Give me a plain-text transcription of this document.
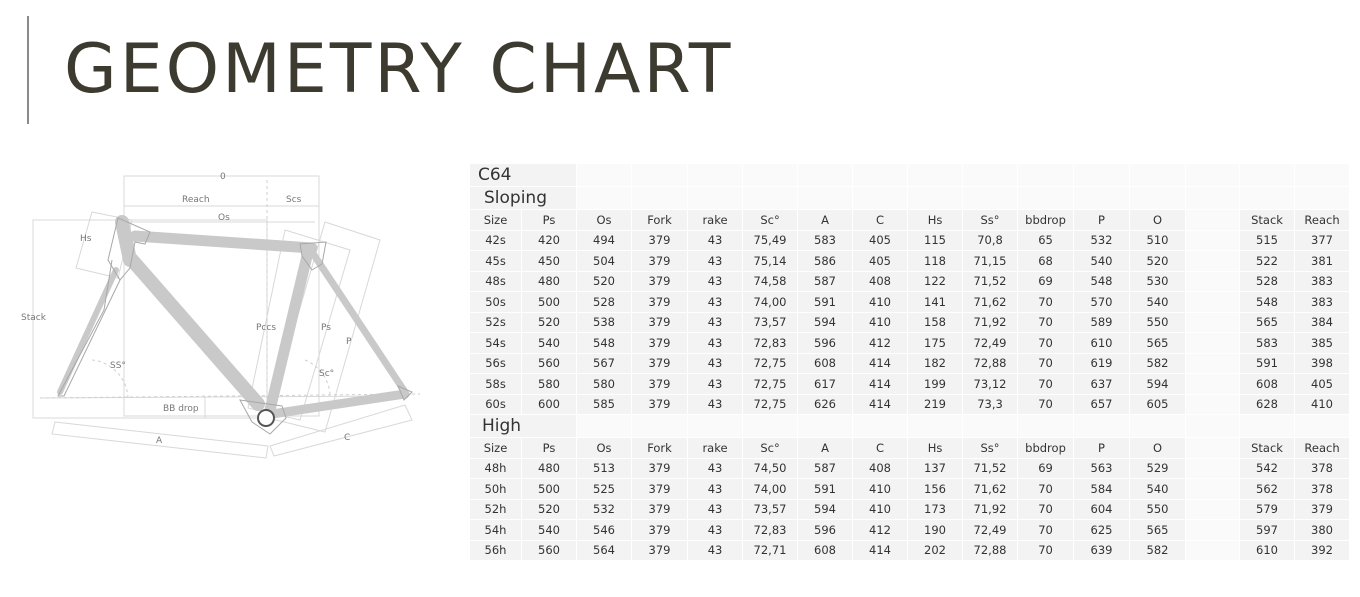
GEOMETRY CHART
0
Reach	Scs
Os
Hs
Stack
Pccs	Ps
P
SS°
Sc°
BB drop
A	C
C64															
Sloping															
Size	Ps	Os	Fork	rake	Sc°	A	C	Hs	Ss°	bbdrop	P	O		Stack	Reach
42s	420	494	379	43	75,49	583	405	115	70,8	65	532	510		515	377
45s	450	504	379	43	75,14	586	405	118	71,15	68	540	520		522	381
48s	480	520	379	43	74,58	587	408	122	71,52	69	548	530		528	383
50s	500	528	379	43	74,00	591	410	141	71,62	70	570	540		548	383
52s	520	538	379	43	73,57	594	410	158	71,92	70	589	550		565	384
54s	540	548	379	43	72,83	596	412	175	72,49	70	610	565		583	385
56s	560	567	379	43	72,75	608	414	182	72,88	70	619	582		591	398
58s	580	580	379	43	72,75	617	414	199	73,12	70	637	594		608	405
60s	600	585	379	43	72,75	626	414	219	73,3	70	657	605		628	410
High															
Size	Ps	Os	Fork	rake	Sc°	A	C	Hs	Ss°	bbdrop	P	O		Stack	Reach
48h	480	513	379	43	74,50	587	408	137	71,52	69	563	529		542	378
50h	500	525	379	43	74,00	591	410	156	71,62	70	584	540		562	378
52h	520	532	379	43	73,57	594	410	173	71,92	70	604	550		579	379
54h	540	546	379	43	72,83	596	412	190	72,49	70	625	565		597	380
56h	560	564	379	43	72,71	608	414	202	72,88	70	639	582		610	392
